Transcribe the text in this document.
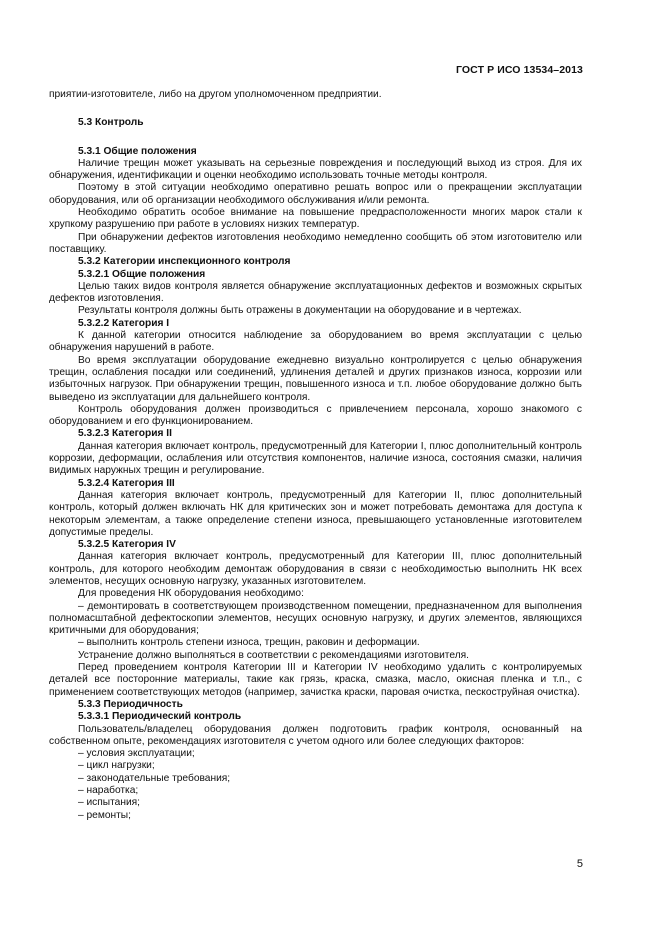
ГОСТ Р ИСО 13534–2013

приятии-изготовителе, либо на другом уполномоченном предприятии.

5.3 Контроль

5.3.1 Общие положения

Наличие трещин может указывать на серьезные повреждения и последующий выход из строя. Для их обнаружения, идентификации и оценки необходимо использовать точные методы контроля.

Поэтому в этой ситуации необходимо оперативно решать вопрос или о прекращении эксплуатации оборудования, или об организации необходимого обслуживания и/или ремонта.

Необходимо обратить особое внимание на повышение предрасположенности многих марок стали к хрупкому разрушению при работе в условиях низких температур.

При обнаружении дефектов изготовления необходимо немедленно сообщить об этом изготовителю или поставщику.

5.3.2 Категории инспекционного контроля

5.3.2.1 Общие положения

Целью таких видов контроля является обнаружение эксплуатационных дефектов и возможных скрытых дефектов изготовления.

Результаты контроля должны быть отражены в документации на оборудование и в чертежах.

5.3.2.2 Категория I

К данной категории относится наблюдение за оборудованием во время эксплуатации с целью обнаружения нарушений в работе.

Во время эксплуатации оборудование ежедневно визуально контролируется с целью обнаружения трещин, ослабления посадки или соединений, удлинения деталей и других признаков износа, коррозии или избыточных нагрузок. При обнаружении трещин, повышенного износа и т.п. любое оборудование должно быть выведено из эксплуатации для дальнейшего контроля.

Контроль оборудования должен производиться с привлечением персонала, хорошо знакомого с оборудованием и его функционированием.

5.3.2.3 Категория II

Данная категория включает контроль, предусмотренный для Категории I, плюс дополнительный контроль коррозии, деформации, ослабления или отсутствия компонентов, наличие износа, состояния смазки, наличия видимых наружных трещин и регулирование.

5.3.2.4 Категория III

Данная категория включает контроль, предусмотренный для Категории II, плюс дополнительный контроль, который должен включать НК для критических зон и может потребовать демонтажа для доступа к некоторым элементам, а также определение степени износа, превышающего установленные изготовителем допустимые пределы.

5.3.2.5 Категория IV

Данная категория включает контроль, предусмотренный для Категории III, плюс дополнительный контроль, для которого необходим демонтаж оборудования в связи с необходимостью выполнить НК всех элементов, несущих основную нагрузку, указанных изготовителем.

Для проведения НК оборудования необходимо:

– демонтировать в соответствующем производственном помещении, предназначенном для выполнения полномасштабной дефектоскопии элементов, несущих основную нагрузку, и других элементов, являющихся критичными для оборудования;

– выполнить контроль степени износа, трещин, раковин и деформации.

Устранение должно выполняться в соответствии с рекомендациями изготовителя.

Перед проведением контроля Категории III и Категории IV необходимо удалить с контролируемых деталей все посторонние материалы, такие как грязь, краска, смазка, масло, окисная пленка и т.п., с применением соответствующих методов (например, зачистка краски, паровая очистка, пескоструйная очистка).

5.3.3 Периодичность

5.3.3.1 Периодический контроль

Пользователь/владелец оборудования должен подготовить график контроля, основанный на собственном опыте, рекомендациях изготовителя с учетом одного или более следующих факторов:

– условия эксплуатации;

– цикл нагрузки;

– законодательные требования;

– наработка;

– испытания;

– ремонты;

5
